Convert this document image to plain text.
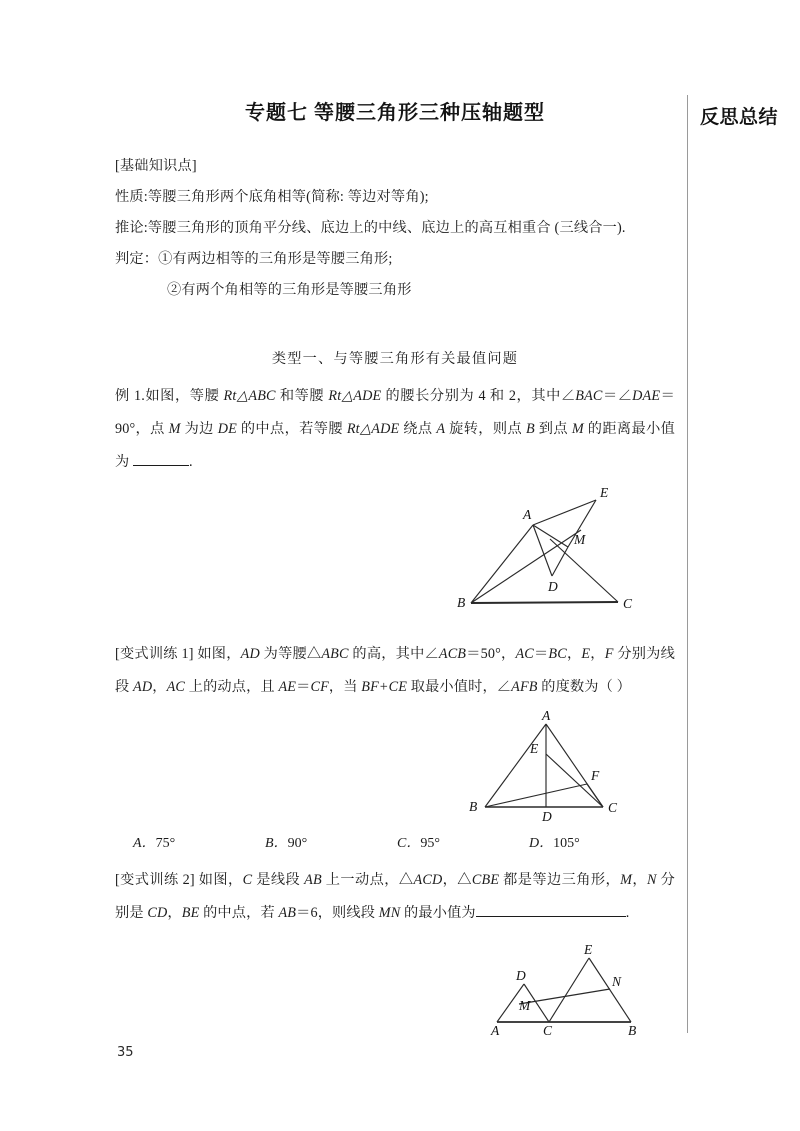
反思总结
专题七 等腰三角形三种压轴题型

[基础知识点]

性质:等腰三角形两个底角相等(简称: 等边对等角);

推论:等腰三角形的顶角平分线、底边上的中线、底边上的高互相重合 (三线合一).

判定：①有两边相等的三角形是等腰三角形;

②有两个角相等的三角形是等腰三角形

类型一、与等腰三角形有关最值问题

例 1.如图，等腰 Rt△ABC 和等腰 Rt△ADE 的腰长分别为 4 和 2，其中∠BAC＝∠DAE＝90°，点 M 为边 DE 的中点，若等腰 Rt△ADE 绕点 A 旋转，则点 B 到点 M 的距离最小值为	.

A
B	C
D
E
M

[变式训练 1] 如图，AD 为等腰△ABC 的高，其中∠ACB＝50°，AC＝BC，E，F 分别为线段 AD，AC 上的动点，且 AE＝CF，当 BF+CE 取最小值时，∠AFB 的度数为（ ）

A
B	C
D
E
F
A．75°	B．90°	C．95°	D．105°

[变式训练 2] 如图，C 是线段 AB 上一动点，△ACD，△CBE 都是等边三角形，M，N 分别是 CD，BE 的中点，若 AB＝6，则线段 MN 的最小值为	.

A	B
C
D
E
M
N
35
